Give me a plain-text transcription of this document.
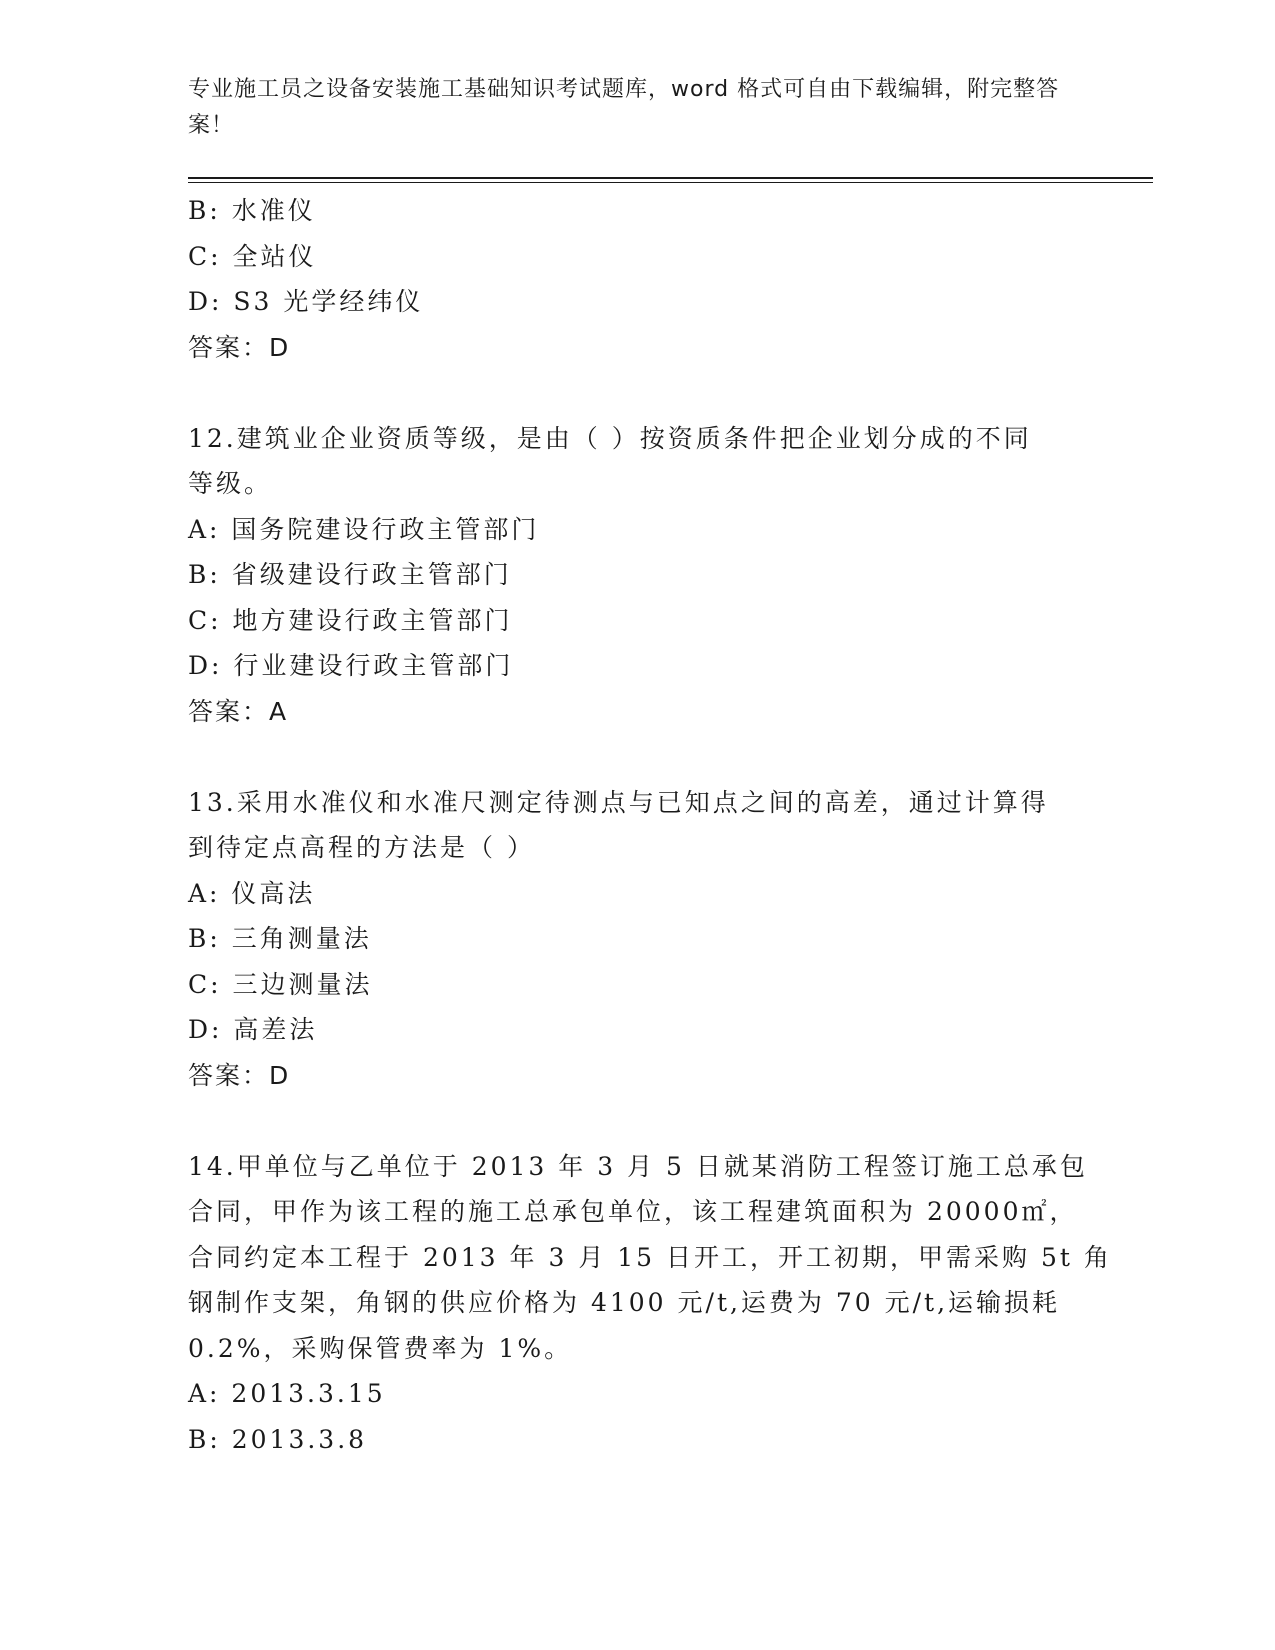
专业施工员之设备安装施工基础知识考试题库，word 格式可自由下载编辑，附完整答案！
B: 水准仪
C: 全站仪
D: S3 光学经纬仪
答案：D
12.建筑业企业资质等级，是由（ ）按资质条件把企业划分成的不同
等级。
A: 国务院建设行政主管部门
B: 省级建设行政主管部门
C: 地方建设行政主管部门
D: 行业建设行政主管部门
答案：A
13.采用水准仪和水准尺测定待测点与已知点之间的高差，通过计算得
到待定点高程的方法是（ ）
A: 仪高法
B: 三角测量法
C: 三边测量法
D: 高差法
答案：D
14.甲单位与乙单位于 2013 年 3 月 5 日就某消防工程签订施工总承包
合同，甲作为该工程的施工总承包单位，该工程建筑面积为 20000㎡，
合同约定本工程于 2013 年 3 月 15 日开工，开工初期，甲需采购 5t 角
钢制作支架，角钢的供应价格为 4100 元/t,运费为 70 元/t,运输损耗
0.2%，采购保管费率为 1%。
A: 2013.3.15
B: 2013.3.8
